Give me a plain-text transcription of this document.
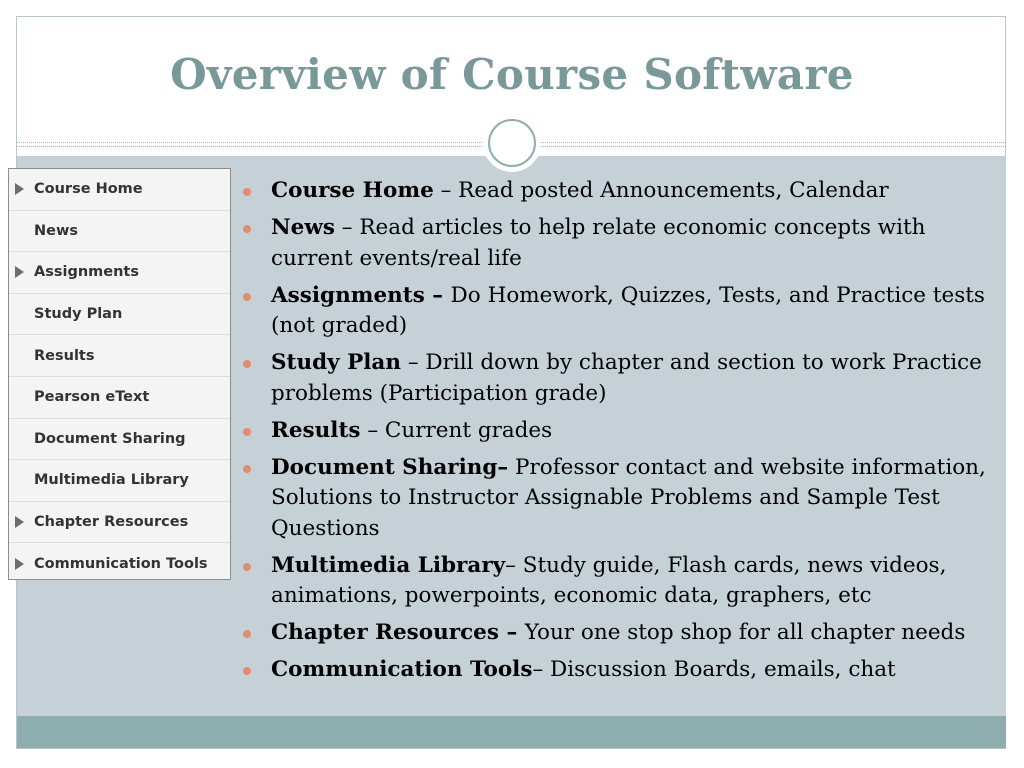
Overview of Course Software
Course Home
News
Assignments
Study Plan
Results
Pearson eText
Document Sharing
Multimedia Library
Chapter Resources
Communication Tools
Course Home – Read posted Announcements, Calendar
News – Read articles to help relate economic concepts with current events/real life
Assignments – Do Homework, Quizzes, Tests, and Practice tests (not graded)
Study Plan – Drill down by chapter and section to work Practice problems (Participation grade)
Results – Current grades
Document Sharing– Professor contact and website information, Solutions to Instructor Assignable Problems and Sample Test Questions
Multimedia Library– Study guide, Flash cards, news videos, animations, powerpoints, economic data, graphers, etc
Chapter Resources – Your one stop shop for all chapter needs
Communication Tools– Discussion Boards, emails, chat
